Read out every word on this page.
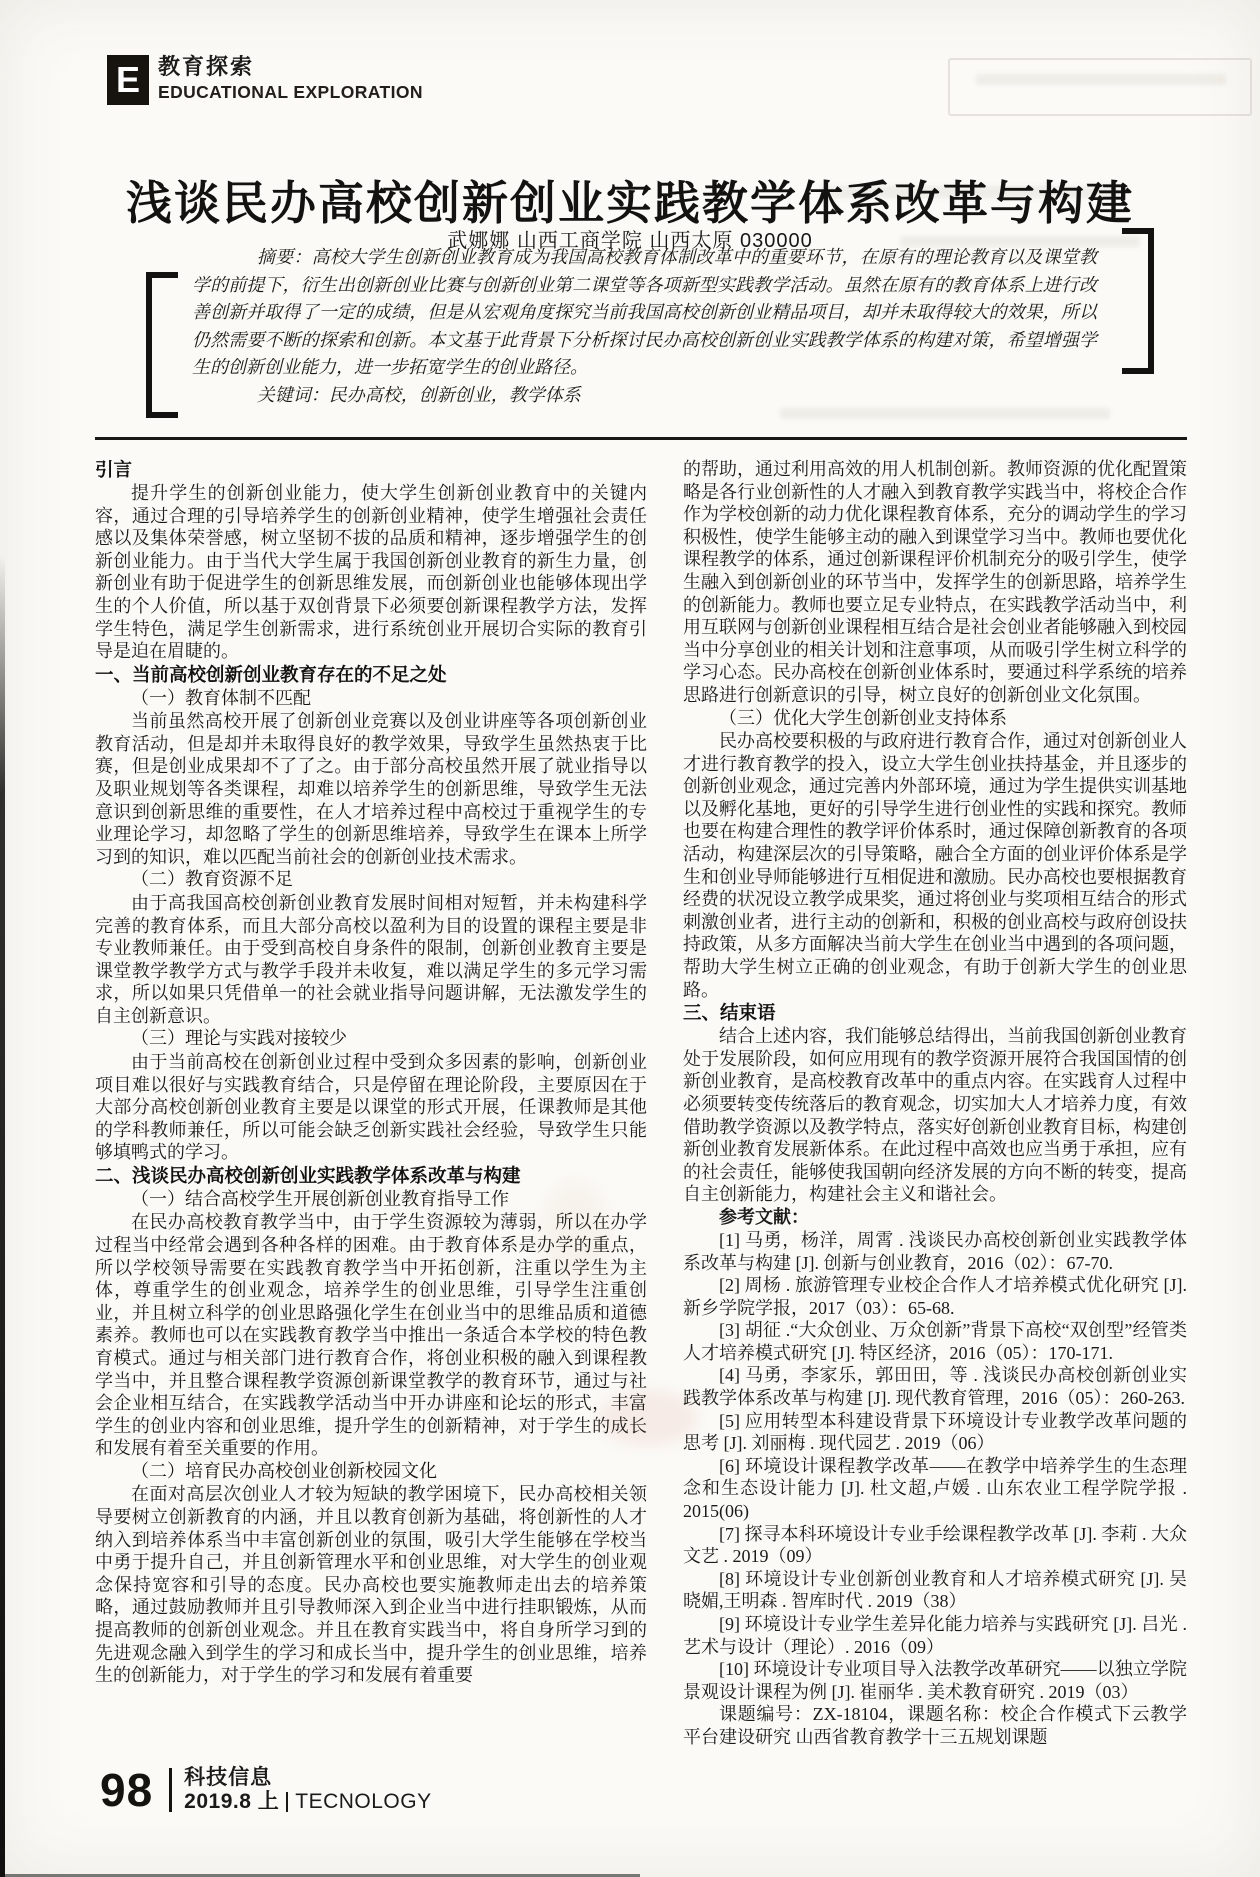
E 教育探索
EDUCATIONAL EXPLORATION
浅谈民办高校创新创业实践教学体系改革与构建
武娜娜 山西工商学院 山西太原 030000
摘要：高校大学生创新创业教育成为我国高校教育体制改革中的重要环节，在原有的理论教育以及课堂教学的前提下，衍生出创新创业比赛与创新创业第二课堂等各项新型实践教学活动。虽然在原有的教育体系上进行改善创新并取得了一定的成绩，但是从宏观角度探究当前我国高校创新创业精品项目，却并未取得较大的效果，所以仍然需要不断的探索和创新。本文基于此背景下分析探讨民办高校创新创业实践教学体系的构建对策，希望增强学生的创新创业能力，进一步拓宽学生的创业路径。
关键词：民办高校，创新创业，教学体系
引言

提升学生的创新创业能力，使大学生创新创业教育中的关键内容，通过合理的引导培养学生的创新创业精神，使学生增强社会责任感以及集体荣誉感，树立坚韧不拔的品质和精神，逐步增强学生的创新创业能力。由于当代大学生属于我国创新创业教育的新生力量，创新创业有助于促进学生的创新思维发展，而创新创业也能够体现出学生的个人价值，所以基于双创背景下必须要创新课程教学方法，发挥学生特色，满足学生创新需求，进行系统创业开展切合实际的教育引导是迫在眉睫的。

一、当前高校创新创业教育存在的不足之处
（一）教育体制不匹配

当前虽然高校开展了创新创业竞赛以及创业讲座等各项创新创业教育活动，但是却并未取得良好的教学效果，导致学生虽然热衷于比赛，但是创业成果却不了了之。由于部分高校虽然开展了就业指导以及职业规划等各类课程，却难以培养学生的创新思维，导致学生无法意识到创新思维的重要性，在人才培养过程中高校过于重视学生的专业理论学习，却忽略了学生的创新思维培养，导致学生在课本上所学习到的知识，难以匹配当前社会的创新创业技术需求。

（二）教育资源不足

由于高我国高校创新创业教育发展时间相对短暂，并未构建科学完善的教育体系，而且大部分高校以盈利为目的设置的课程主要是非专业教师兼任。由于受到高校自身条件的限制，创新创业教育主要是课堂教学教学方式与教学手段并未收复，难以满足学生的多元学习需求，所以如果只凭借单一的社会就业指导问题讲解，无法激发学生的自主创新意识。

（三）理论与实践对接较少

由于当前高校在创新创业过程中受到众多因素的影响，创新创业项目难以很好与实践教育结合，只是停留在理论阶段，主要原因在于大部分高校创新创业教育主要是以课堂的形式开展，任课教师是其他的学科教师兼任，所以可能会缺乏创新实践社会经验，导致学生只能够填鸭式的学习。

二、浅谈民办高校创新创业实践教学体系改革与构建
（一）结合高校学生开展创新创业教育指导工作

在民办高校教育教学当中，由于学生资源较为薄弱，所以在办学过程当中经常会遇到各种各样的困难。由于教育体系是办学的重点，所以学校领导需要在实践教育教学当中开拓创新，注重以学生为主体，尊重学生的创业观念，培养学生的创业思维，引导学生注重创业，并且树立科学的创业思路强化学生在创业当中的思维品质和道德素养。教师也可以在实践教育教学当中推出一条适合本学校的特色教育模式。通过与相关部门进行教育合作，将创业积极的融入到课程教学当中，并且整合课程教学资源创新课堂教学的教育环节，通过与社会企业相互结合，在实践教学活动当中开办讲座和论坛的形式，丰富学生的创业内容和创业思维，提升学生的创新精神，对于学生的成长和发展有着至关重要的作用。

（二）培育民办高校创业创新校园文化

在面对高层次创业人才较为短缺的教学困境下，民办高校相关领导要树立创新教育的内涵，并且以教育创新为基础，将创新性的人才纳入到培养体系当中丰富创新创业的氛围，吸引大学生能够在学校当中勇于提升自己，并且创新管理水平和创业思维，对大学生的创业观念保持宽容和引导的态度。民办高校也要实施教师走出去的培养策略，通过鼓励教师并且引导教师深入到企业当中进行挂职锻炼，从而提高教师的创新创业观念。并且在教育实践当中，将自身所学习到的先进观念融入到学生的学习和成长当中，提升学生的创业思维，培养生的创新能力，对于学生的学习和发展有着重要

的帮助，通过利用高效的用人机制创新。教师资源的优化配置策略是各行业创新性的人才融入到教育教学实践当中，将校企合作作为学校创新的动力优化课程教育体系，充分的调动学生的学习积极性，使学生能够主动的融入到课堂学习当中。教师也要优化课程教学的体系，通过创新课程评价机制充分的吸引学生，使学生融入到创新创业的环节当中，发挥学生的创新思路，培养学生的创新能力。教师也要立足专业特点，在实践教学活动当中，利用互联网与创新创业课程相互结合是社会创业者能够融入到校园当中分享创业的相关计划和注意事项，从而吸引学生树立科学的学习心态。民办高校在创新创业体系时，要通过科学系统的培养思路进行创新意识的引导，树立良好的创新创业文化氛围。

（三）优化大学生创新创业支持体系

民办高校要积极的与政府进行教育合作，通过对创新创业人才进行教育教学的投入，设立大学生创业扶持基金，并且逐步的创新创业观念，通过完善内外部环境，通过为学生提供实训基地以及孵化基地，更好的引导学生进行创业性的实践和探究。教师也要在构建合理性的教学评价体系时，通过保障创新教育的各项活动，构建深层次的引导策略，融合全方面的创业评价体系是学生和创业导师能够进行互相促进和激励。民办高校也要根据教育经费的状况设立教学成果奖，通过将创业与奖项相互结合的形式刺激创业者，进行主动的创新和，积极的创业高校与政府创设扶持政策，从多方面解决当前大学生在创业当中遇到的各项问题，帮助大学生树立正确的创业观念，有助于创新大学生的创业思路。

三、结束语

结合上述内容，我们能够总结得出，当前我国创新创业教育处于发展阶段，如何应用现有的教学资源开展符合我国国情的创新创业教育，是高校教育改革中的重点内容。在实践育人过程中必须要转变传统落后的教育观念，切实加大人才培养力度，有效借助教学资源以及教学特点，落实好创新创业教育目标，构建创新创业教育发展新体系。在此过程中高效也应当勇于承担，应有的社会责任，能够使我国朝向经济发展的方向不断的转变，提高自主创新能力，构建社会主义和谐社会。

参考文献：

[1] 马勇，杨洋，周霄 . 浅谈民办高校创新创业实践教学体系改革与构建 [J]. 创新与创业教育，2016（02）：67-70.

[2] 周杨 . 旅游管理专业校企合作人才培养模式优化研究 [J]. 新乡学院学报，2017（03）：65-68.

[3] 胡征 .“大众创业、万众创新”背景下高校“双创型”经管类人才培养模式研究 [J]. 特区经济，2016（05）：170-171.

[4] 马勇，李家乐，郭田田，等 . 浅谈民办高校创新创业实践教学体系改革与构建 [J]. 现代教育管理，2016（05）：260-263.

[5] 应用转型本科建设背景下环境设计专业教学改革问题的思考 [J]. 刘丽梅 . 现代园艺 . 2019（06）

[6] 环境设计课程教学改革——在教学中培养学生的生态理念和生态设计能力 [J]. 杜文超,卢媛 . 山东农业工程学院学报 . 2015(06)

[7] 探寻本科环境设计专业手绘课程教学改革 [J]. 李莉 . 大众文艺 . 2019（09）

[8] 环境设计专业创新创业教育和人才培养模式研究 [J]. 吴晓媚,王明森 . 智库时代 . 2019（38）

[9] 环境设计专业学生差异化能力培养与实践研究 [J]. 吕光 . 艺术与设计（理论）. 2016（09）

[10] 环境设计专业项目导入法教学改革研究——以独立学院景观设计课程为例 [J]. 崔丽华 . 美术教育研究 . 2019（03）

课题编号：ZX-18104，课题名称：校企合作模式下云教学平台建设研究 山西省教育教学十三五规划课题

98 科技信息
2019.8 上 TECNOLOGY
